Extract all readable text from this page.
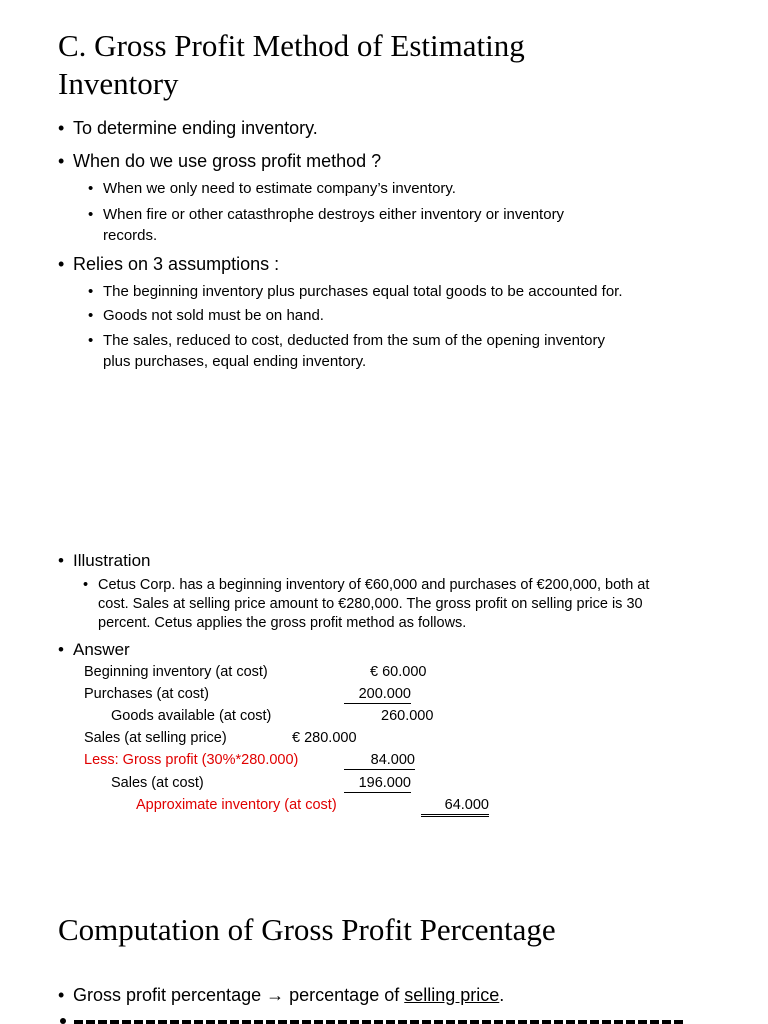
C. Gross Profit Method of Estimating
Inventory
• To determine ending inventory.
• When do we use gross profit method ?
• When we only need to estimate company’s inventory.
• When fire or other catasthrophe destroys either inventory or inventory
records.
• Relies on 3 assumptions :
• The beginning inventory plus purchases equal total goods to be accounted for.
• Goods not sold must be on hand.
• The sales, reduced to cost, deducted from the sum of the opening inventory
plus purchases, equal ending inventory.
• Illustration
• Cetus Corp. has a beginning inventory of €60,000 and purchases of €200,000, both at
cost. Sales at selling price amount to €280,000. The gross profit on selling price is 30
percent. Cetus applies the gross profit method as follows.
• Answer
Beginning inventory (at cost)	€ 60.000
Purchases (at cost)	200.000
Goods available (at cost)	260.000
Sales (at selling price)	€ 280.000
Less: Gross profit (30%*280.000)	84.000
Sales (at cost)	196.000
Approximate inventory (at cost)	64.000
Computation of Gross Profit Percentage
• Gross profit percentage → percentage of selling price.
